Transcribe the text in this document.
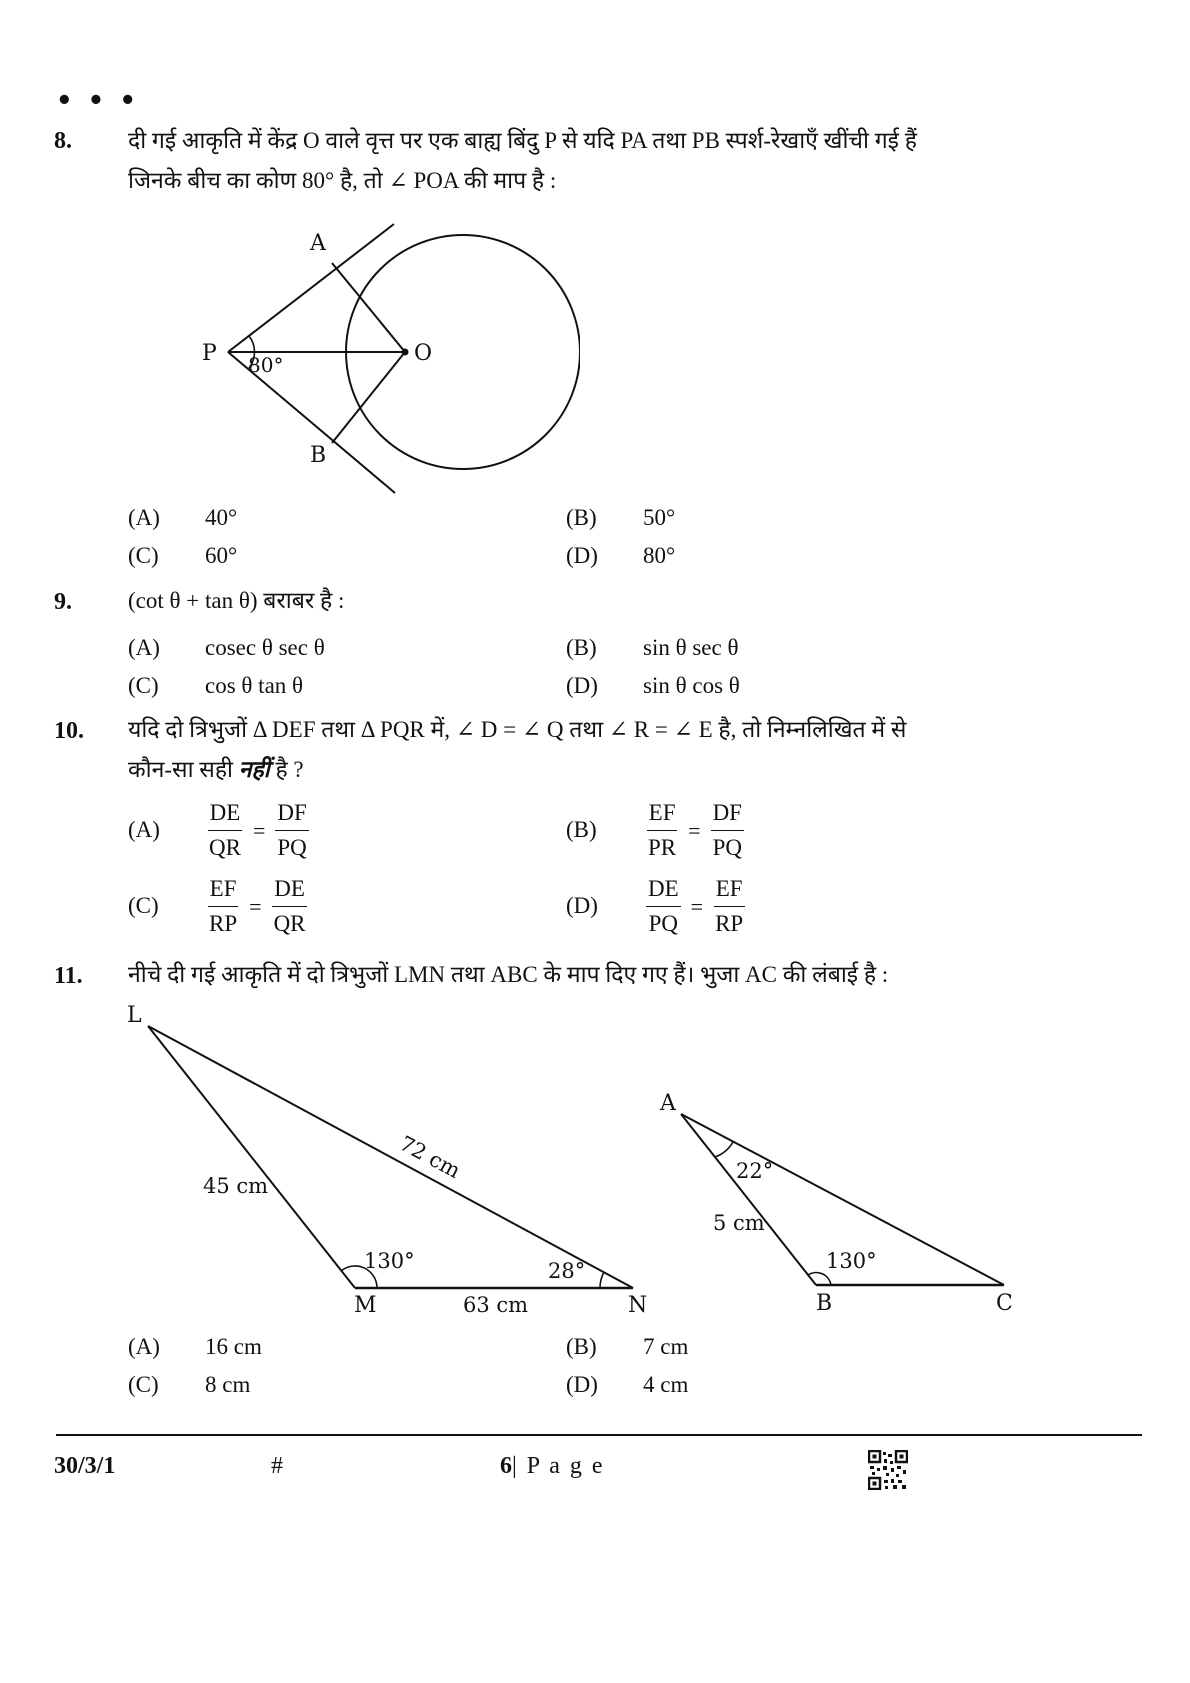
• • •
8. दी गई आकृति में केंद्र O वाले वृत्त पर एक बाह्य बिंदु P से यदि PA तथा PB स्पर्श-रेखाएँ खींची गई हैं
जिनके बीच का कोण 80° है, तो ∠ POA की माप है :
A
B
P	O
80°
(A) 40°	(B) 50°
(C) 60°	(D) 80°
9. (cot θ + tan θ) बराबर है :
(A) cosec θ sec θ	(B) sin θ sec θ
(C) cos θ tan θ	(D) sin θ cos θ
10. यदि दो त्रिभुजों Δ DEF तथा Δ PQR में, ∠ D = ∠ Q तथा ∠ R = ∠ E है, तो निम्नलिखित में से
कौन-सा सही नहीं है ?
$(A) \frac{DE}{QR} = \frac{DF}{PQ}$	$(B) \frac{EF}{PR} = \frac{DF}{PQ}$
$(C) \frac{EF}{RP} = \frac{DE}{QR}$	$(D) \frac{DE}{PQ} = \frac{EF}{RP}$
11. नीचे दी गई आकृति में दो त्रिभुजों LMN तथा ABC के माप दिए गए हैं। भुजा AC की लंबाई है :
L
M	N
45 cm
72 cm
63 cm
130°	28°
A
B	C
5 cm
22°
130°
(A) 16 cm	(B) 7 cm
(C) 8 cm	(D) 4 cm
30/3/1	#	6| P a g e
